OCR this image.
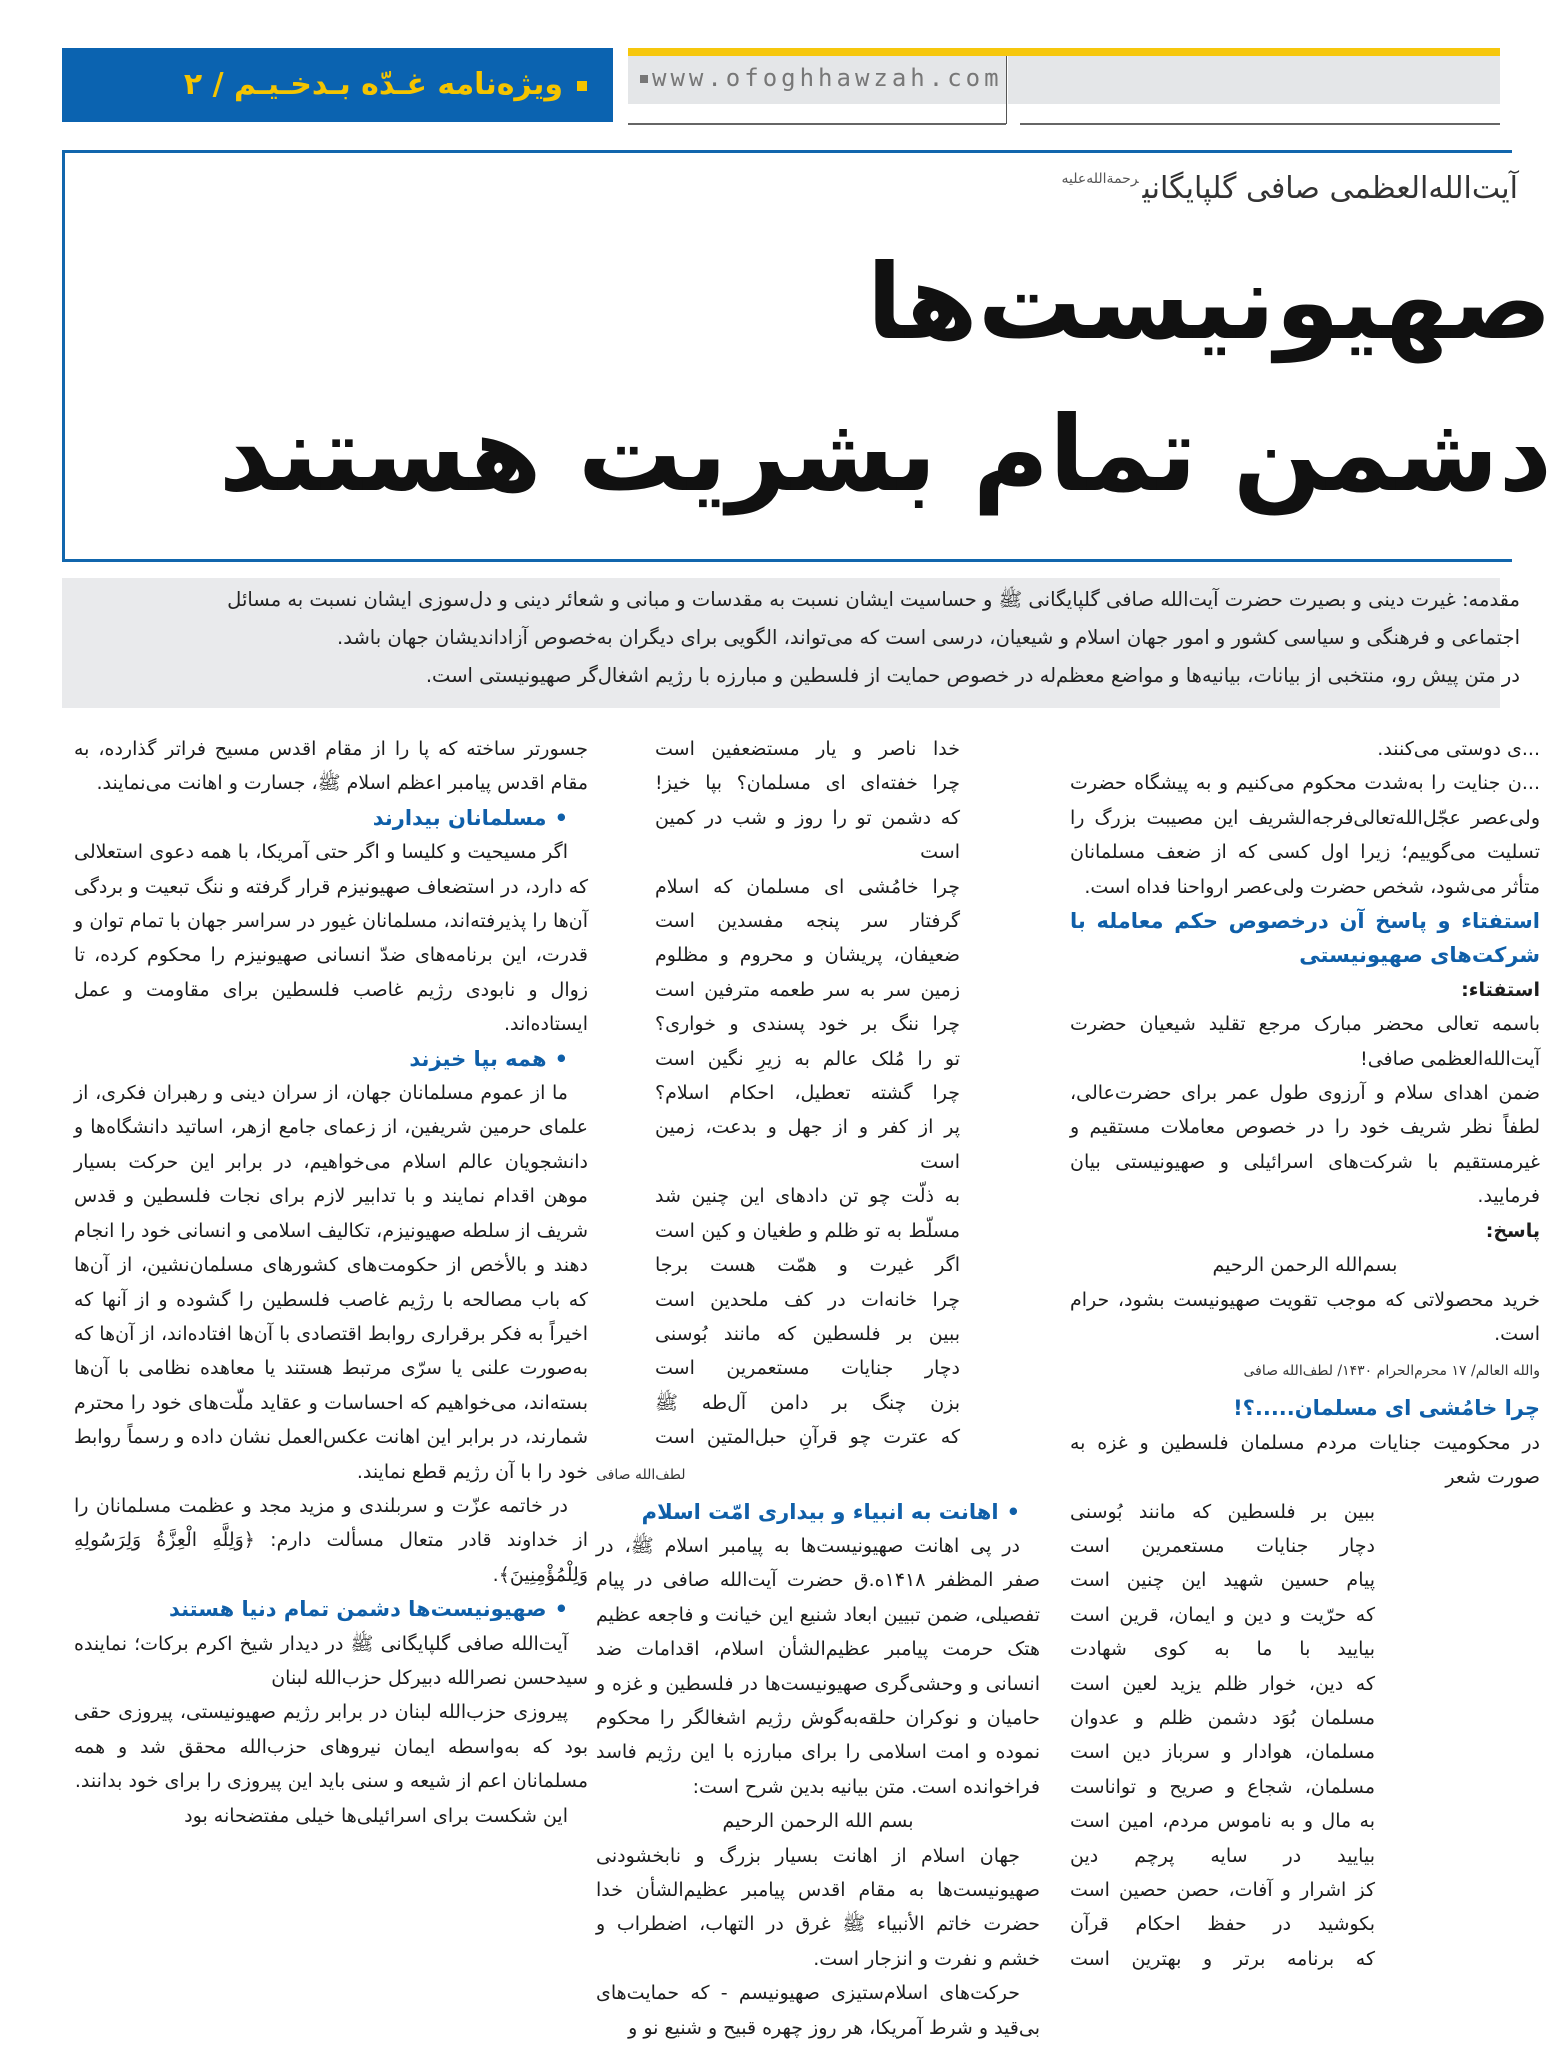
ویژه‌نامه غـدّه بـدخـیـم / ۲	www.ofoghhawzah.com
آیت‌الله‌العظمی صافی گلپایگانی$^{رحمة‌الله‌علیه}$
صهیونیست‌ها
دشمن تمام بشریت هستند

مقدمه: غیرت دینی و بصیرت حضرت آیت‌الله صافی گلپایگانی ﷺ و حساسیت ایشان نسبت به مقدسات و مبانی و شعائر دینی و دل‌سوزی ایشان نسبت به مسائل

اجتماعی و فرهنگی و سیاسی کشور و امور جهان اسلام و شیعیان، درسی است که می‌تواند، الگویی برای دیگران به‌خصوص آزاداندیشان جهان باشد.

در متن پیش رو، منتخبی از بیانات، بیانیه‌ها و مواضع معظم‌له در خصوص حمایت از فلسطین و مبارزه با رژیم اشغال‌گر صهیونیستی است.

جسورتر ساخته که پا را از مقام اقدس مسیح فراتر گذارده، به مقام اقدس پیامبر اعظم اسلام ﷺ، جسارت و اهانت می‌نمایند.

• مسلمانان بیدارند

اگر مسیحیت و کلیسا و اگر حتی آمریکا، با همه دعوی استعلالی که دارد، در استضعاف صهیونیزم قرار گرفته و ننگ تبعیت و بردگی آن‌ها را پذیرفته‌اند، مسلمانان غیور در سراسر جهان با تمام توان و قدرت، این برنامه‌های ضدّ انسانی صهیونیزم را محکوم کرده، تا زوال و نابودی رژیم غاصب فلسطین برای مقاومت و عمل ایستاده‌اند.

• همه بپا خیزند

ما از عموم مسلمانان جهان، از سران دینی و رهبران فکری، از علمای حرمین شریفین، از زعمای جامع ازهر، اساتید دانشگاه‌ها و دانشجویان عالم اسلام می‌خواهیم، در برابر این حرکت بسیار موهن اقدام نمایند و با تدابیر لازم برای نجات فلسطین و قدس شریف از سلطه صهیونیزم، تکالیف اسلامی و انسانی خود را انجام دهند و بالأخص از حکومت‌های کشورهای مسلمان‌نشین، از آن‌ها که باب مصالحه با رژیم غاصب فلسطین را گشوده و از آنها که اخیراً به فکر برقراری روابط اقتصادی با آن‌ها افتاده‌اند، از آن‌ها که به‌صورت علنی یا سرّی مرتبط هستند یا معاهده نظامی با آن‌ها بسته‌اند، می‌خواهیم که احساسات و عقاید ملّت‌های خود را محترم شمارند، در برابر این اهانت عکس‌العمل نشان داده و رسماً روابط خود را با آن رژیم قطع نمایند.

در خاتمه عزّت و سربلندی و مزید مجد و عظمت مسلمانان را از خداوند قادر متعال مسألت دارم: ﴿وَلِلَّهِ الْعِزَّةُ وَلِرَسُولِهِ وَلِلْمُؤْمِنِينَ﴾.

• صهیونیست‌ها دشمن تمام دنیا هستند

آیت‌الله صافی گلپایگانی ﷺ در دیدار شیخ اکرم برکات؛ نماینده سیدحسن نصرالله دبیرکل حزب‌الله لبنان

پیروزی حزب‌الله لبنان در برابر رژیم صهیونیستی، پیروزی حقی بود که به‌واسطه ایمان نیروهای حزب‌الله محقق شد و همه مسلمانان اعم از شیعه و سنی باید این پیروزی را برای خود بدانند.

این شکست برای اسرائیلی‌ها خیلی مفتضحانه بود

خدا ناصر و یار مستضعفین است

چرا خفته‌ای ای مسلمان؟ بپا خیز!

که دشمن تو را روز و شب در کمین است

چرا خامُشی ای مسلمان که اسلام

گرفتار سر پنجه مفسدین است

ضعیفان، پریشان و محروم و مظلوم

زمین سر به سر طعمه مترفین است

چرا ننگ بر خود پسندی و خواری؟

تو را مُلک عالم به زیرِ نگین است

چرا گشته تعطیل، احکام اسلام؟

پر از کفر و از جهل و بدعت، زمین است

به ذلّت چو تن دادهای این چنین شد

مسلّط به تو ظلم و طغیان و کین است

اگر غیرت و همّت هست برجا

چرا خانه‌ات در کف ملحدین است

ببین بر فلسطین که مانند بُوسنی

دچار جنایات مستعمرین است

بزن چنگ بر دامن آل‌طه ﷺ

که عترت چو قرآنِ حبل‌المتین است

لطف‌الله صافی

• اهانت به انبیاء و بیداری امّت اسلام

در پی اهانت صهیونیست‌ها به پیامبر اسلام ﷺ، در صفر المظفر ۱۴۱۸ه.ق حضرت آیت‌الله صافی در پیام تفصیلی، ضمن تبیین ابعاد شنیع این خیانت و فاجعه عظیم هتک حرمت پیامبر عظیم‌الشأن اسلام، اقدامات ضد انسانی و وحشی‌گری صهیونیست‌ها در فلسطین و غزه و حامیان و نوکران حلقه‌به‌گوش رژیم اشغالگر را محکوم نموده و امت اسلامی را برای مبارزه با این رژیم فاسد فراخوانده است. متن بیانیه بدین شرح است:

بسم الله الرحمن الرحیم

جهان اسلام از اهانت بسیار بزرگ و نابخشودنی صهیونیست‌ها به مقام اقدس پیامبر عظیم‌الشأن خدا حضرت خاتم الأنبیاء ﷺ غرق در التهاب، اضطراب و خشم و نفرت و انزجار است.

حرکت‌های اسلام‌ستیزی صهیونیسم - که حمایت‌های بی‌قید و شرط آمریکا، هر روز چهره قبیح و شنیع نو و

...ی دوستی می‌کنند.

...ن جنایت را به‌شدت محکوم می‌کنیم و به پیشگاه حضرت ولی‌عصر عجّل‌الله‌تعالی‌فرجه‌الشریف این مصیبت بزرگ را تسلیت می‌گوییم؛ زیرا اول کسی که از ضعف مسلمانان متأثر می‌شود، شخص حضرت ولی‌عصر ارواحنا فداه است.

استفتاء و پاسخ آن درخصوص حکم معامله با شرکت‌های صهیونیستی

استفتاء:

باسمه تعالی محضر مبارک مرجع تقلید شیعیان حضرت آیت‌الله‌العظمی صافی!

ضمن اهدای سلام و آرزوی طول عمر برای حضرت‌عالی، لطفاً نظر شریف خود را در خصوص معاملات مستقیم و غیرمستقیم با شرکت‌های اسرائیلی و صهیونیستی بیان فرمایید.

پاسخ:

بسم‌الله الرحمن الرحیم

خرید محصولاتی که موجب تقویت صهیونیست بشود، حرام است.

والله العالم/ ۱۷ محرم‌الحرام ۱۴۳۰/ لطف‌الله صافی

چرا خامُشی ای مسلمان.....؟!

در محکومیت جنایات مردم مسلمان فلسطین و غزه به صورت شعر

ببین بر فلسطین که مانند بُوسنی

دچار جنایات مستعمرین است

پیام حسین شهید این چنین است

که حرّیت و دین و ایمان، قرین است

بیایید با ما به کوی شهادت

که دین، خوار ظلم یزید لعین است

مسلمان بُوَد دشمن ظلم و عدوان

مسلمان، هوادار و سرباز دین است

مسلمان، شجاع و صریح و تواناست

به مال و به ناموس مردم، امین است

بیایید در سایه پرچم دین

کز اشرار و آفات، حصن حصین است

بکوشید در حفظ احکام قرآن

که برنامه برتر و بهترین است
